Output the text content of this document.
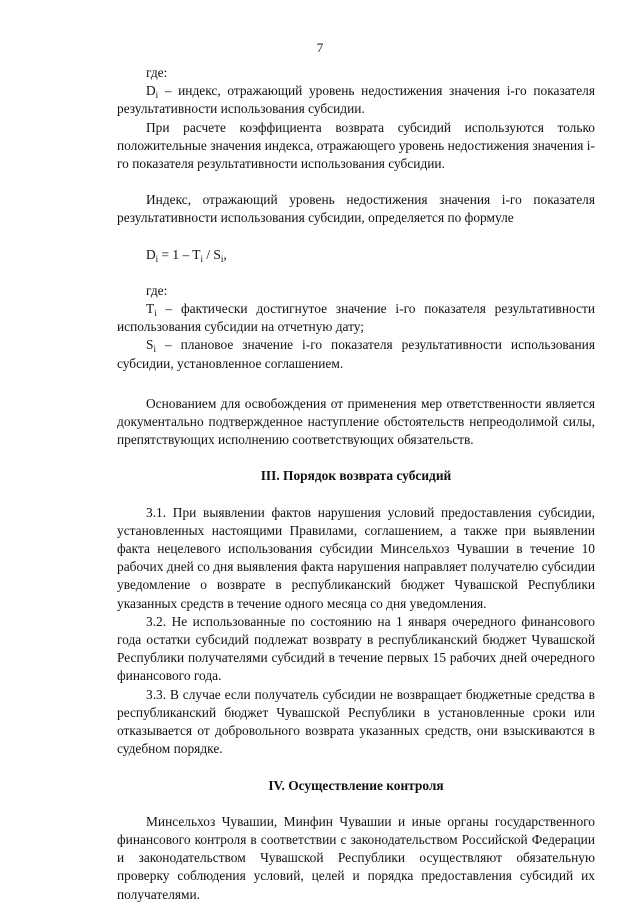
7

где:

$D_i$ – индекс, отражающий уровень недостижения значения i-го показателя результативности использования субсидии.

При расчете коэффициента возврата субсидий используются только положительные значения индекса, отражающего уровень недостижения значения i-го показателя результативности использования субсидии.

Индекс, отражающий уровень недостижения значения i-го показателя результативности использования субсидии, определяется по формуле

$D_i = 1 - T_i / S_i$,

где:

$T_i$ – фактически достигнутое значение i-го показателя результативности использования субсидии на отчетную дату;

$S_i$ – плановое значение i-го показателя результативности использования субсидии, установленное соглашением.

Основанием для освобождения от применения мер ответственности является документально подтвержденное наступление обстоятельств непреодолимой силы, препятствующих исполнению соответствующих обязательств.

III. Порядок возврата субсидий

3.1. При выявлении фактов нарушения условий предоставления субсидии, установленных настоящими Правилами, соглашением, а также при выявлении факта нецелевого использования субсидии Минсельхоз Чувашии в течение 10 рабочих дней со дня выявления факта нарушения направляет получателю субсидии уведомление о возврате в республиканский бюджет Чувашской Республики указанных средств в течение одного месяца со дня уведомления.

3.2. Не использованные по состоянию на 1 января очередного финансового года остатки субсидий подлежат возврату в республиканский бюджет Чувашской Республики получателями субсидий в течение первых 15 рабочих дней очередного финансового года.

3.3. В случае если получатель субсидии не возвращает бюджетные средства в республиканский бюджет Чувашской Республики в установленные сроки или отказывается от добровольного возврата указанных средств, они взыскиваются в судебном порядке.

IV. Осуществление контроля

Минсельхоз Чувашии, Минфин Чувашии и иные органы государственного финансового контроля в соответствии с законодательством Российской Федерации и законодательством Чувашской Республики осуществляют обязательную проверку соблюдения условий, целей и порядка предоставления субсидий их получателями.
